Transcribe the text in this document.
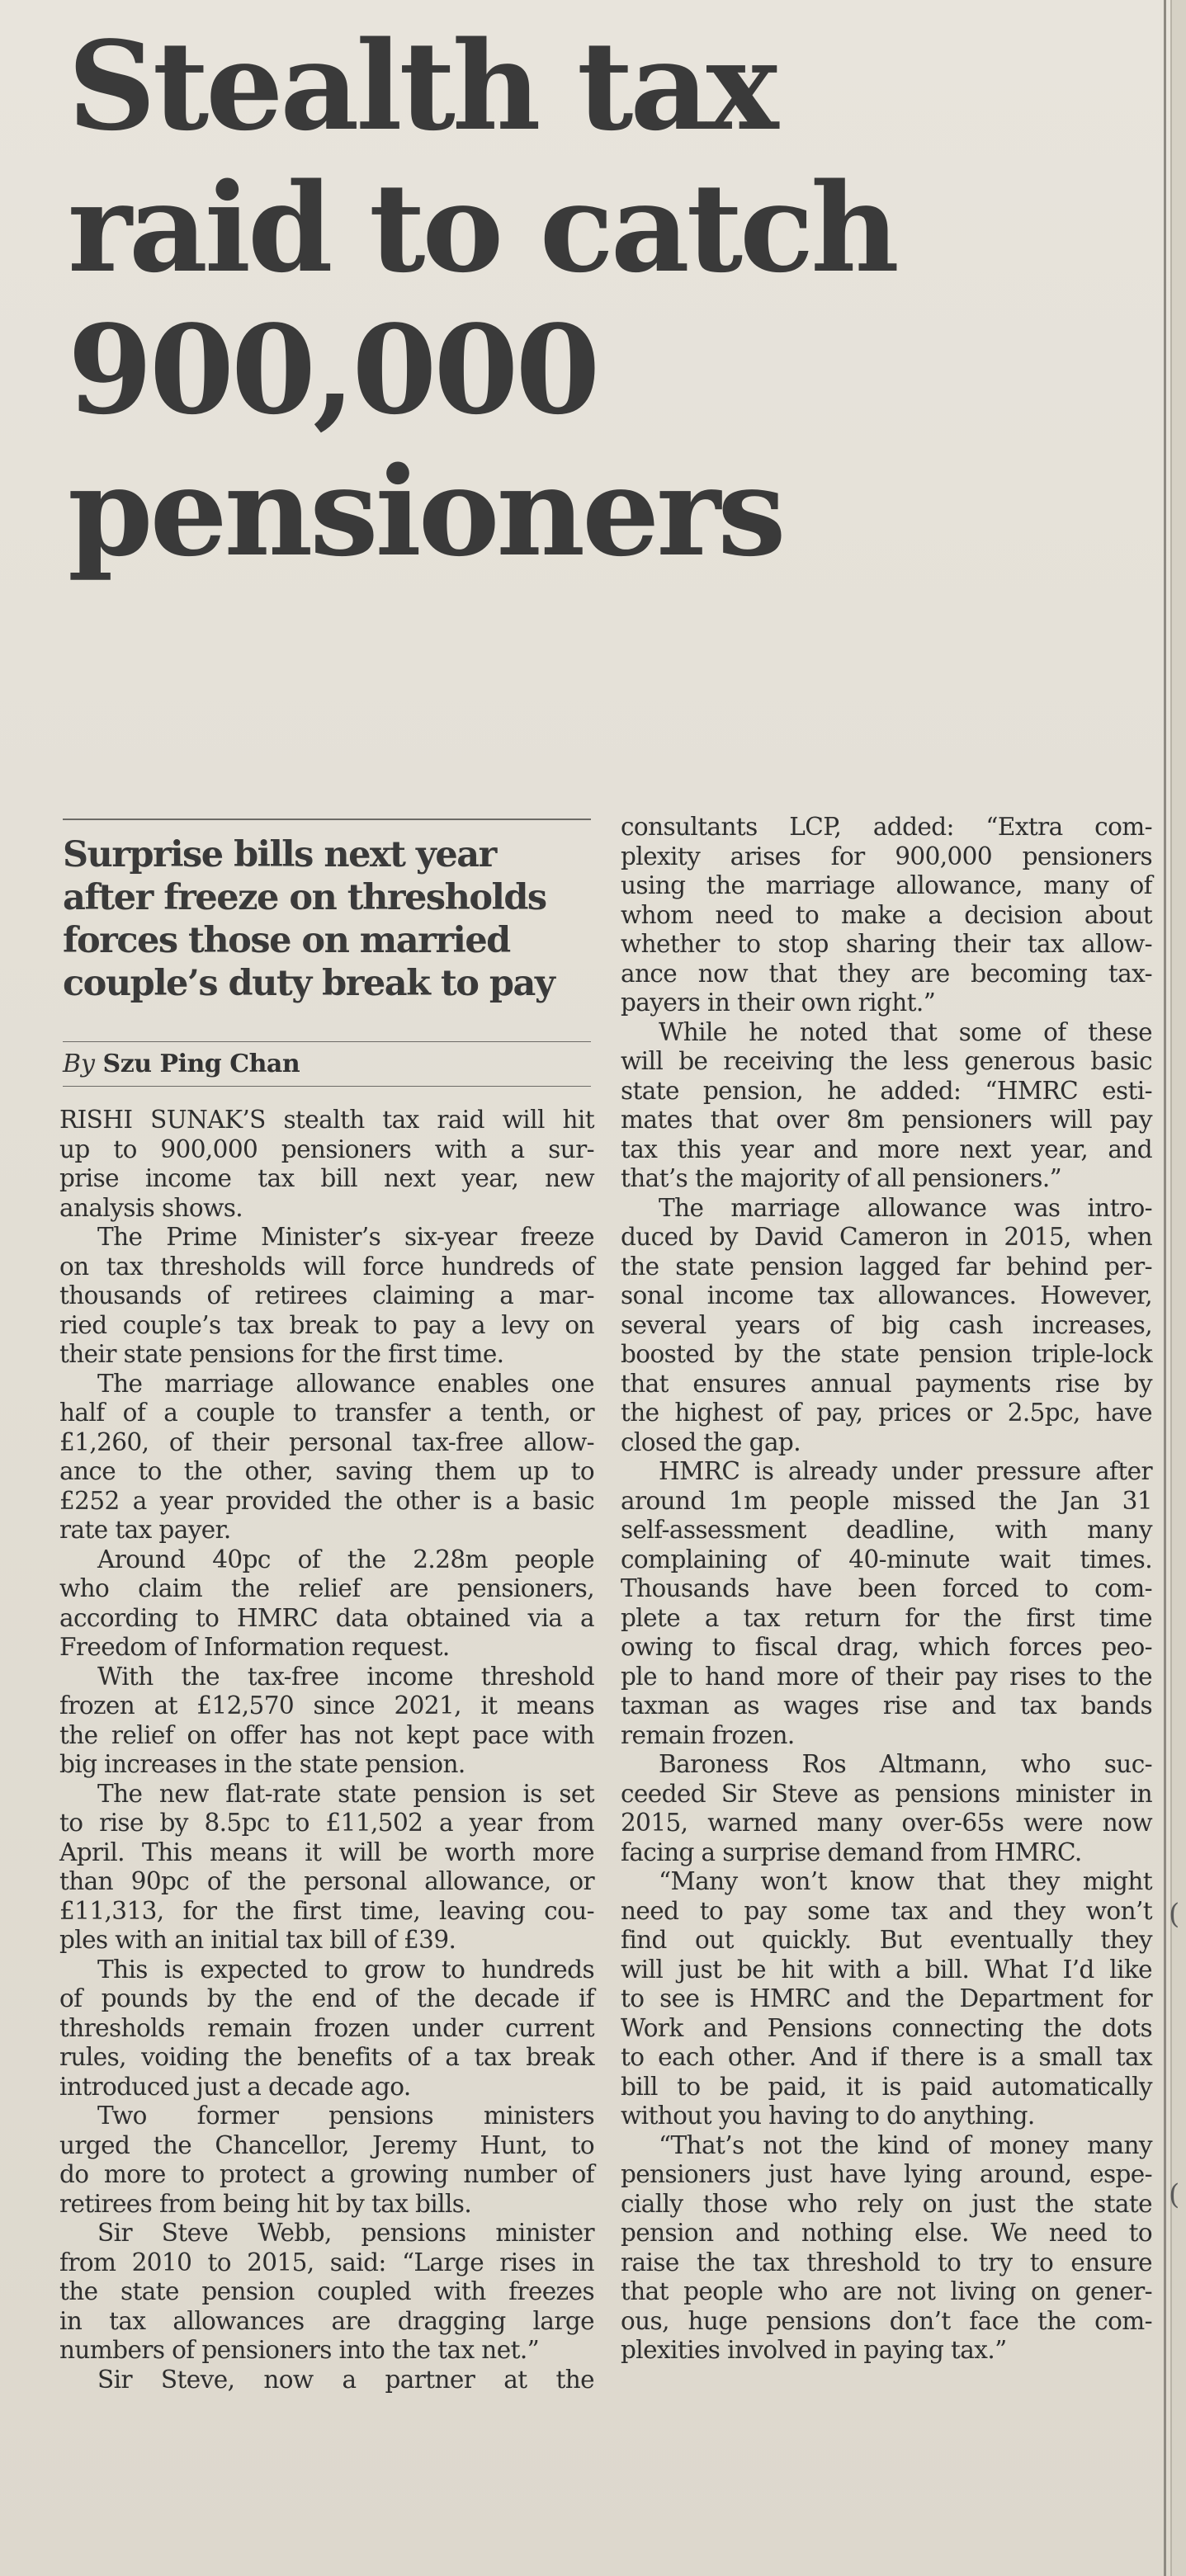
Stealth tax
raid to catch
900,000
pensioners
Surprise bills next year
after freeze on thresholds
forces those on married
couple’s duty break to pay
By Szu Ping Chan
RISHI SUNAK’S stealth tax raid will hit
up to 900,000 pensioners with a sur-
prise income tax bill next year, new
analysis shows.
The Prime Minister’s six-year freeze
on tax thresholds will force hundreds of
thousands of retirees claiming a mar-
ried couple’s tax break to pay a levy on
their state pensions for the first time.
The marriage allowance enables one
half of a couple to transfer a tenth, or
£1,260, of their personal tax-free allow-
ance to the other, saving them up to
£252 a year provided the other is a basic
rate tax payer.
Around 40pc of the 2.28m people
who claim the relief are pensioners,
according to HMRC data obtained via a
Freedom of Information request.
With the tax-free income threshold
frozen at £12,570 since 2021, it means
the relief on offer has not kept pace with
big increases in the state pension.
The new flat-rate state pension is set
to rise by 8.5pc to £11,502 a year from
April. This means it will be worth more
than 90pc of the personal allowance, or
£11,313, for the first time, leaving cou-
ples with an initial tax bill of £39.
This is expected to grow to hundreds
of pounds by the end of the decade if
thresholds remain frozen under current
rules, voiding the benefits of a tax break
introduced just a decade ago.
Two former pensions ministers
urged the Chancellor, Jeremy Hunt, to
do more to protect a growing number of
retirees from being hit by tax bills.
Sir Steve Webb, pensions minister
from 2010 to 2015, said: “Large rises in
the state pension coupled with freezes
in tax allowances are dragging large
numbers of pensioners into the tax net.”
Sir Steve, now a partner at the
consultants LCP, added: “Extra com-
plexity arises for 900,000 pensioners
using the marriage allowance, many of
whom need to make a decision about
whether to stop sharing their tax allow-
ance now that they are becoming tax-
payers in their own right.”
While he noted that some of these
will be receiving the less generous basic
state pension, he added: “HMRC esti-
mates that over 8m pensioners will pay
tax this year and more next year, and
that’s the majority of all pensioners.”
The marriage allowance was intro-
duced by David Cameron in 2015, when
the state pension lagged far behind per-
sonal income tax allowances. However,
several years of big cash increases,
boosted by the state pension triple-lock
that ensures annual payments rise by
the highest of pay, prices or 2.5pc, have
closed the gap.
HMRC is already under pressure after
around 1m people missed the Jan 31
self-assessment deadline, with many
complaining of 40-minute wait times.
Thousands have been forced to com-
plete a tax return for the first time
owing to fiscal drag, which forces peo-
ple to hand more of their pay rises to the
taxman as wages rise and tax bands
remain frozen.
Baroness Ros Altmann, who suc-
ceeded Sir Steve as pensions minister in
2015, warned many over-65s were now
facing a surprise demand from HMRC.
“Many won’t know that they might
need to pay some tax and they won’t
find out quickly. But eventually they
will just be hit with a bill. What I’d like
to see is HMRC and the Department for
Work and Pensions connecting the dots
to each other. And if there is a small tax
bill to be paid, it is paid automatically
without you having to do anything.
“That’s not the kind of money many
pensioners just have lying around, espe-
cially those who rely on just the state
pension and nothing else. We need to
raise the tax threshold to try to ensure
that people who are not living on gener-
ous, huge pensions don’t face the com-
plexities involved in paying tax.”
(
(
